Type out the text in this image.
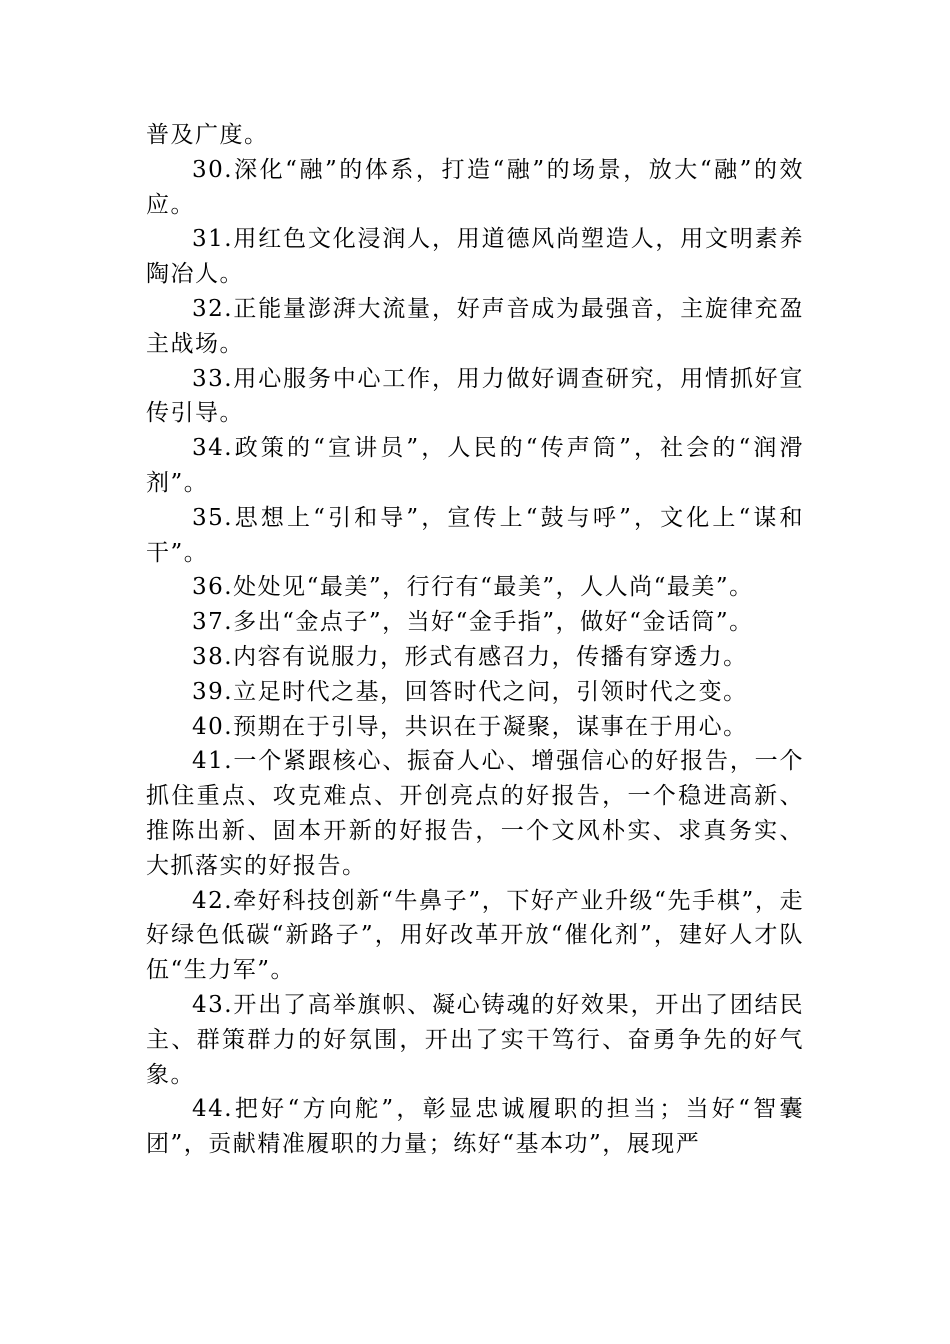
普及广度。

30.深化“融”的体系，打造“融”的场景，放大“融”的效应。

31.用红色文化浸润人，用道德风尚塑造人，用文明素养陶冶人。

32.正能量澎湃大流量，好声音成为最强音，主旋律充盈主战场。

33.用心服务中心工作，用力做好调查研究，用情抓好宣传引导。

34.政策的“宣讲员”，人民的“传声筒”，社会的“润滑剂”。

35.思想上“引和导”，宣传上“鼓与呼”，文化上“谋和干”。

36.处处见“最美”，行行有“最美”，人人尚“最美”。

37.多出“金点子”，当好“金手指”，做好“金话筒”。

38.内容有说服力，形式有感召力，传播有穿透力。

39.立足时代之基，回答时代之问，引领时代之变。

40.预期在于引导，共识在于凝聚，谋事在于用心。

41.一个紧跟核心、振奋人心、增强信心的好报告，一个抓住重点、攻克难点、开创亮点的好报告，一个稳进高新、推陈出新、固本开新的好报告，一个文风朴实、求真务实、大抓落实的好报告。

42.牵好科技创新“牛鼻子”，下好产业升级“先手棋”，走好绿色低碳“新路子”，用好改革开放“催化剂”，建好人才队伍“生力军”。

43.开出了高举旗帜、凝心铸魂的好效果，开出了团结民主、群策群力的好氛围，开出了实干笃行、奋勇争先的好气象。

44.把好“方向舵”，彰显忠诚履职的担当；当好“智囊团”，贡献精准履职的力量；练好“基本功”，展现严
